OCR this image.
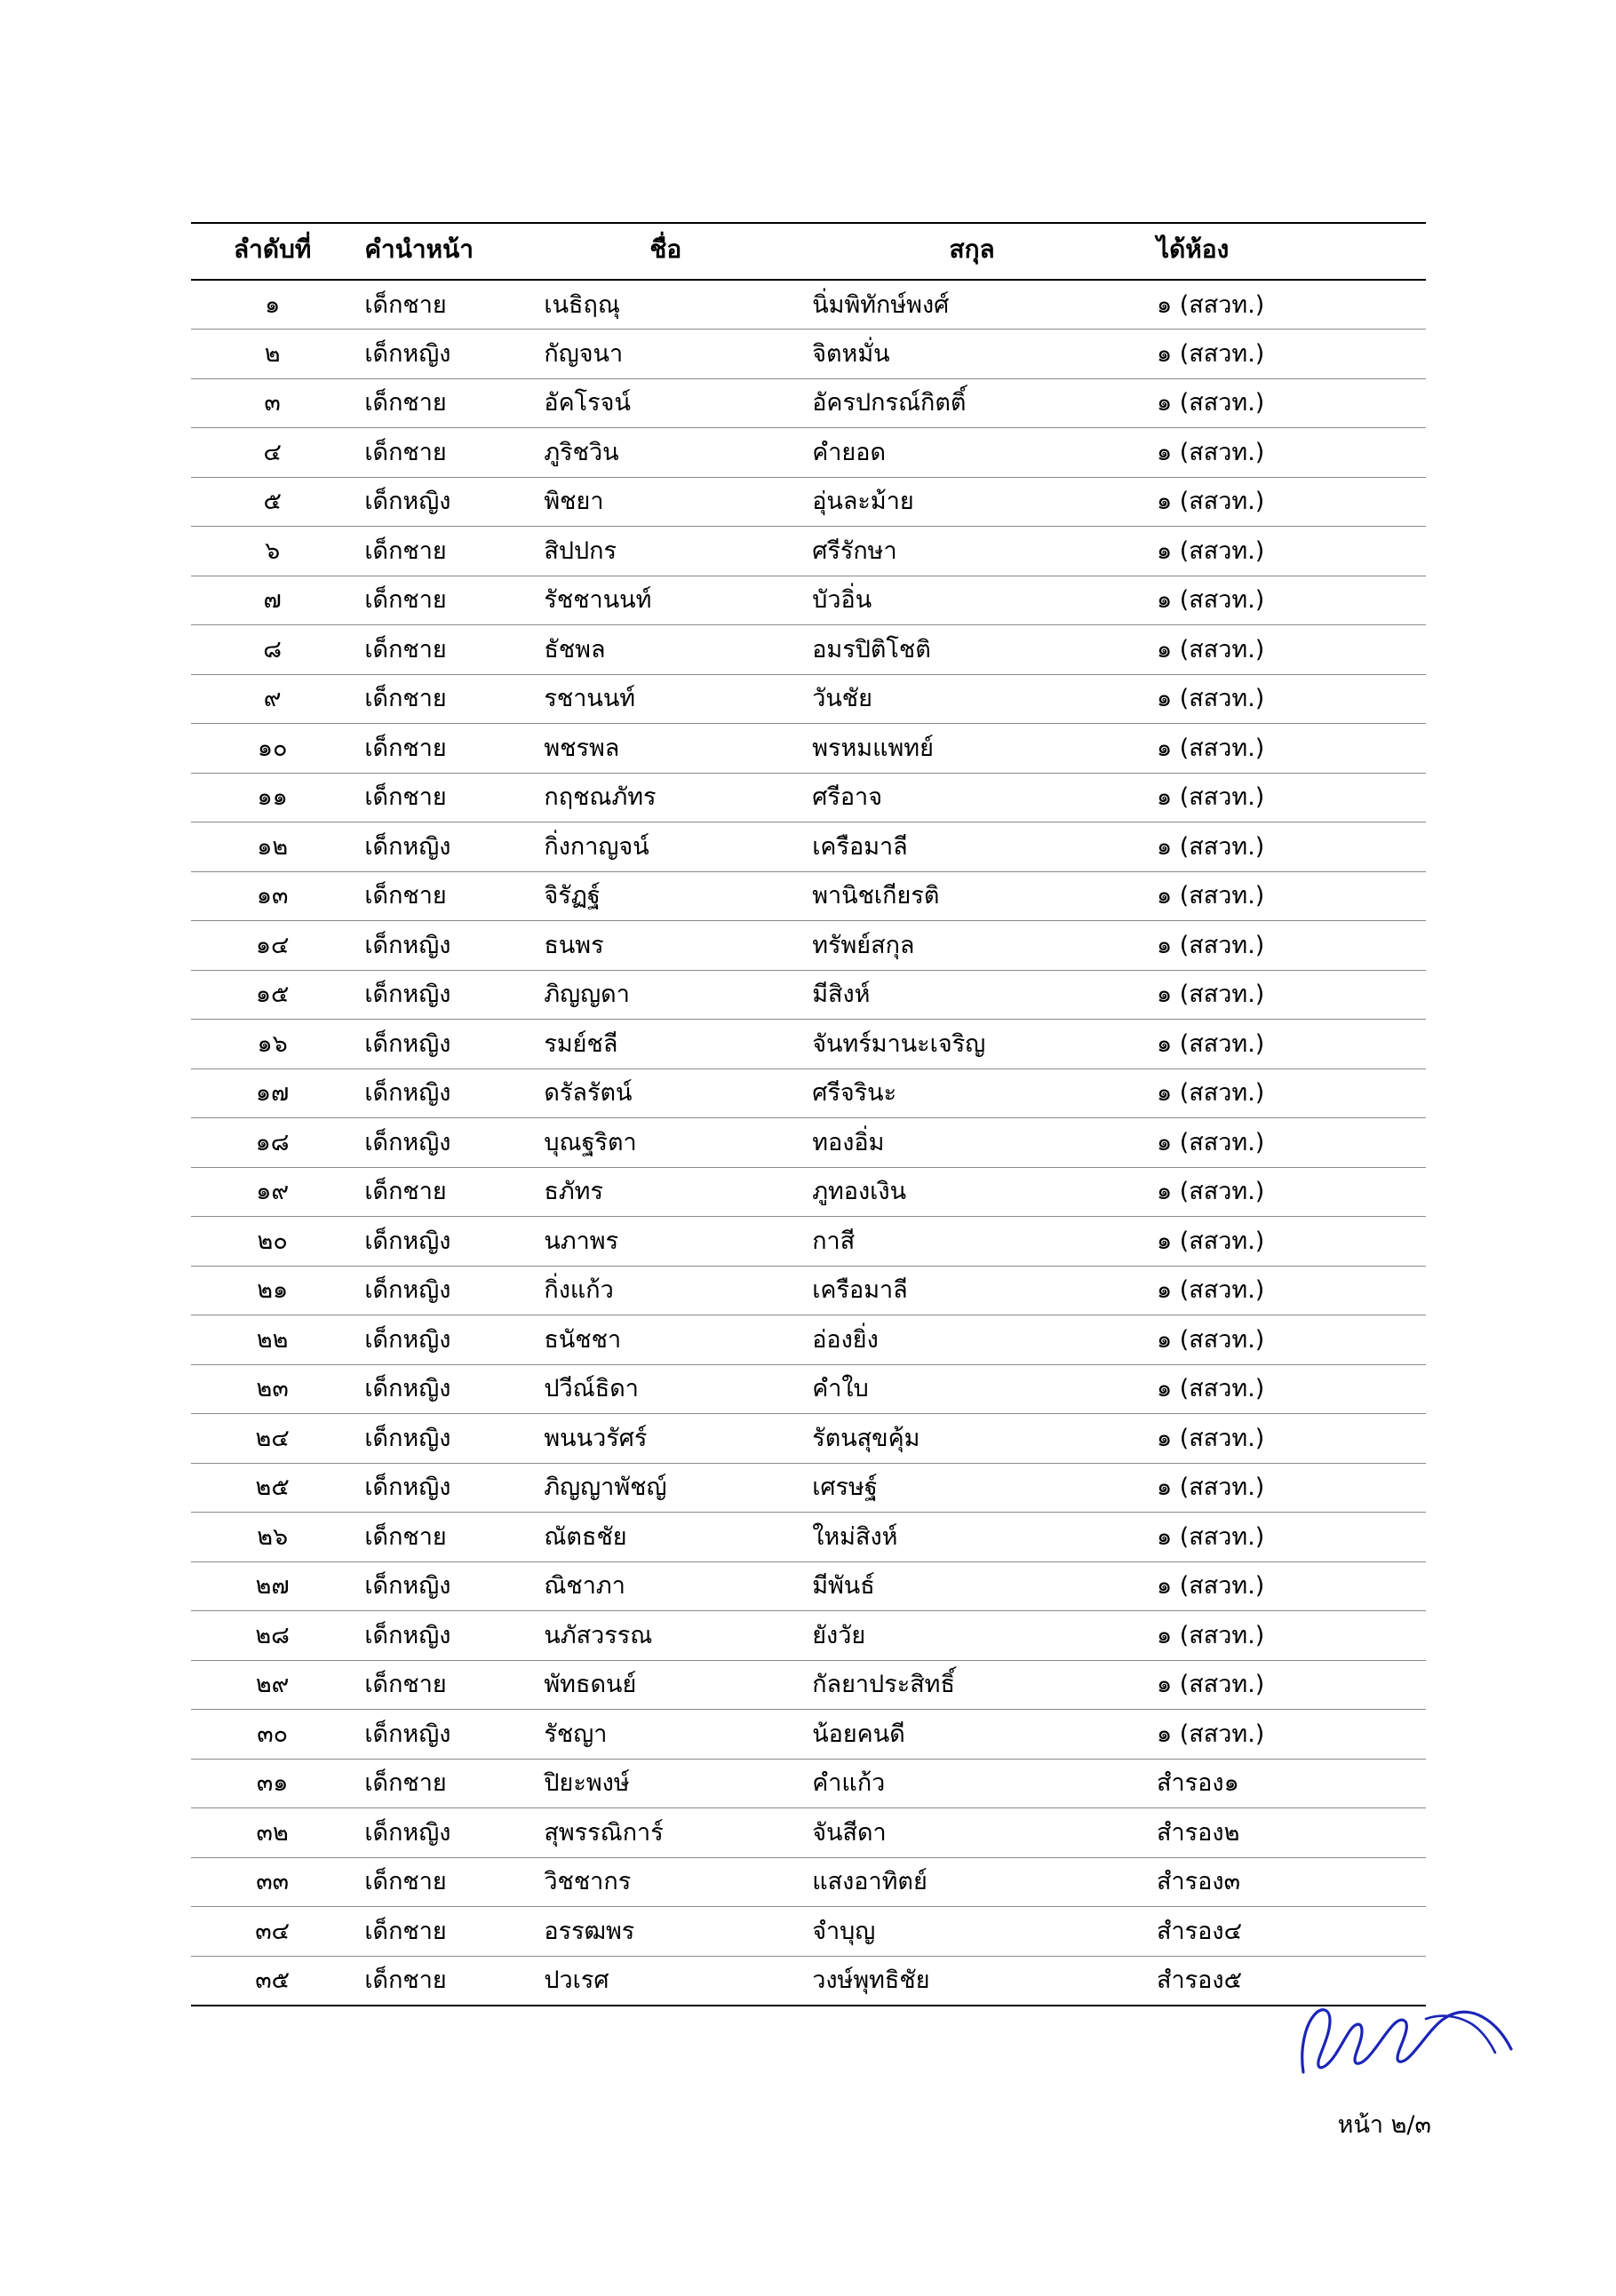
ลำดับที่	คำนำหน้า	ชื่อ	สกุล	ได้ห้อง
๑	เด็กชาย	เนธิฤณุ	นิ่มพิทักษ์พงศ์	๑ (สสวท.)
๒	เด็กหญิง	กัญจนา	จิตหมั่น	๑ (สสวท.)
๓	เด็กชาย	อัคโรจน์	อัครปกรณ์กิตติ์	๑ (สสวท.)
๔	เด็กชาย	ภูริชวิน	คำยอด	๑ (สสวท.)
๕	เด็กหญิง	พิชยา	อุ่นละม้าย	๑ (สสวท.)
๖	เด็กชาย	สิปปกร	ศรีรักษา	๑ (สสวท.)
๗	เด็กชาย	รัชชานนท์	บัวอิ่น	๑ (สสวท.)
๘	เด็กชาย	ธัชพล	อมรปิติโชติ	๑ (สสวท.)
๙	เด็กชาย	รชานนท์	วันชัย	๑ (สสวท.)
๑๐	เด็กชาย	พชรพล	พรหมแพทย์	๑ (สสวท.)
๑๑	เด็กชาย	กฤชณภัทร	ศรีอาจ	๑ (สสวท.)
๑๒	เด็กหญิง	กิ่งกาญจน์	เครือมาลี	๑ (สสวท.)
๑๓	เด็กชาย	จิรัฏฐ์	พานิชเกียรติ	๑ (สสวท.)
๑๔	เด็กหญิง	ธนพร	ทรัพย์สกุล	๑ (สสวท.)
๑๕	เด็กหญิง	ภิญญดา	มีสิงห์	๑ (สสวท.)
๑๖	เด็กหญิง	รมย์ชลี	จันทร์มานะเจริญ	๑ (สสวท.)
๑๗	เด็กหญิง	ดรัลรัตน์	ศรีจรินะ	๑ (สสวท.)
๑๘	เด็กหญิง	บุณฐริตา	ทองอิ่ม	๑ (สสวท.)
๑๙	เด็กชาย	ธภัทร	ภูทองเงิน	๑ (สสวท.)
๒๐	เด็กหญิง	นภาพร	กาสี	๑ (สสวท.)
๒๑	เด็กหญิง	กิ่งแก้ว	เครือมาลี	๑ (สสวท.)
๒๒	เด็กหญิง	ธนัชชา	อ่องยิ่ง	๑ (สสวท.)
๒๓	เด็กหญิง	ปวีณ์ธิดา	คำใบ	๑ (สสวท.)
๒๔	เด็กหญิง	พนนวรัศร์	รัตนสุขคุ้ม	๑ (สสวท.)
๒๕	เด็กหญิง	ภิญญาพัชญ์	เศรษฐ์	๑ (สสวท.)
๒๖	เด็กชาย	ณัตธชัย	ใหม่สิงห์	๑ (สสวท.)
๒๗	เด็กหญิง	ณิชาภา	มีพันธ์	๑ (สสวท.)
๒๘	เด็กหญิง	นภัสวรรณ	ยังวัย	๑ (สสวท.)
๒๙	เด็กชาย	พัทธดนย์	กัลยาประสิทธิ์	๑ (สสวท.)
๓๐	เด็กหญิง	รัชญา	น้อยคนดี	๑ (สสวท.)
๓๑	เด็กชาย	ปิยะพงษ์	คำแก้ว	สำรอง๑
๓๒	เด็กหญิง	สุพรรณิการ์	จันสีดา	สำรอง๒
๓๓	เด็กชาย	วิชชากร	แสงอาทิตย์	สำรอง๓
๓๔	เด็กชาย	อรรฒพร	จำบุญ	สำรอง๔
๓๕	เด็กชาย	ปวเรศ	วงษ์พุทธิชัย	สำรอง๕
หน้า ๒/๓
